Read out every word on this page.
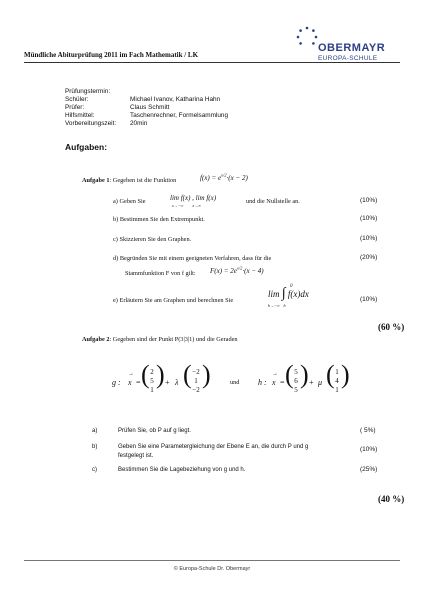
OBERMAYR
EUROPA-SCHULE
Mündliche Abiturprüfung 2011 im Fach Mathematik / LK
Prüfungstermin:
Schüler:	Michael Ivanov, Katharina Hahn
Prüfer:	Claus Schmitt
Hilfsmittel:	Taschenrechner, Formelsammlung
Vorbereitungszeit: 20min
Aufgaben:
Aufgabe 1: Gegeben ist die Funktion	$f(x) = e^{x/2}\cdot(x - 2)$
a) Geben Sie	lim f(x) , lim f(x)
x→−∞         x→∞
und die Nullstelle an.	(10%)
b) Bestimmen Sie den Extrempunkt.	(10%)
c) Skizzieren Sie den Graphen.	(10%)
d) Begründen Sie mit einem geeigneten Verfahren, dass für die
Stammfunktion F von f gilt: $F(x) = 2e^{x/2}\cdot(x - 4)$
(20%)
e) Erläutern Sie am Graphen und berechnen Sie
lim ∫ f(x)dx
0
b→−∞    b
(10%)
(60 %)
Aufgabe 2: Gegeben sind der Punkt P(3|3|1) und die Geraden
g :
→
x = ( 2
5
1
) + λ ( −2
1
−2
)	und h :
→
x = ( 5
6
5
) + μ ( 1
4
1
)
a)	Prüfen Sie, ob P auf g liegt.	( 5%)
b)	Geben Sie eine Parametergleichung der Ebene E an, die durch P und g
festgelegt ist.
(10%)
c)	Bestimmen Sie die Lagebeziehung von g und h.	(25%)
(40 %)
© Europa-Schule Dr. Obermayr
